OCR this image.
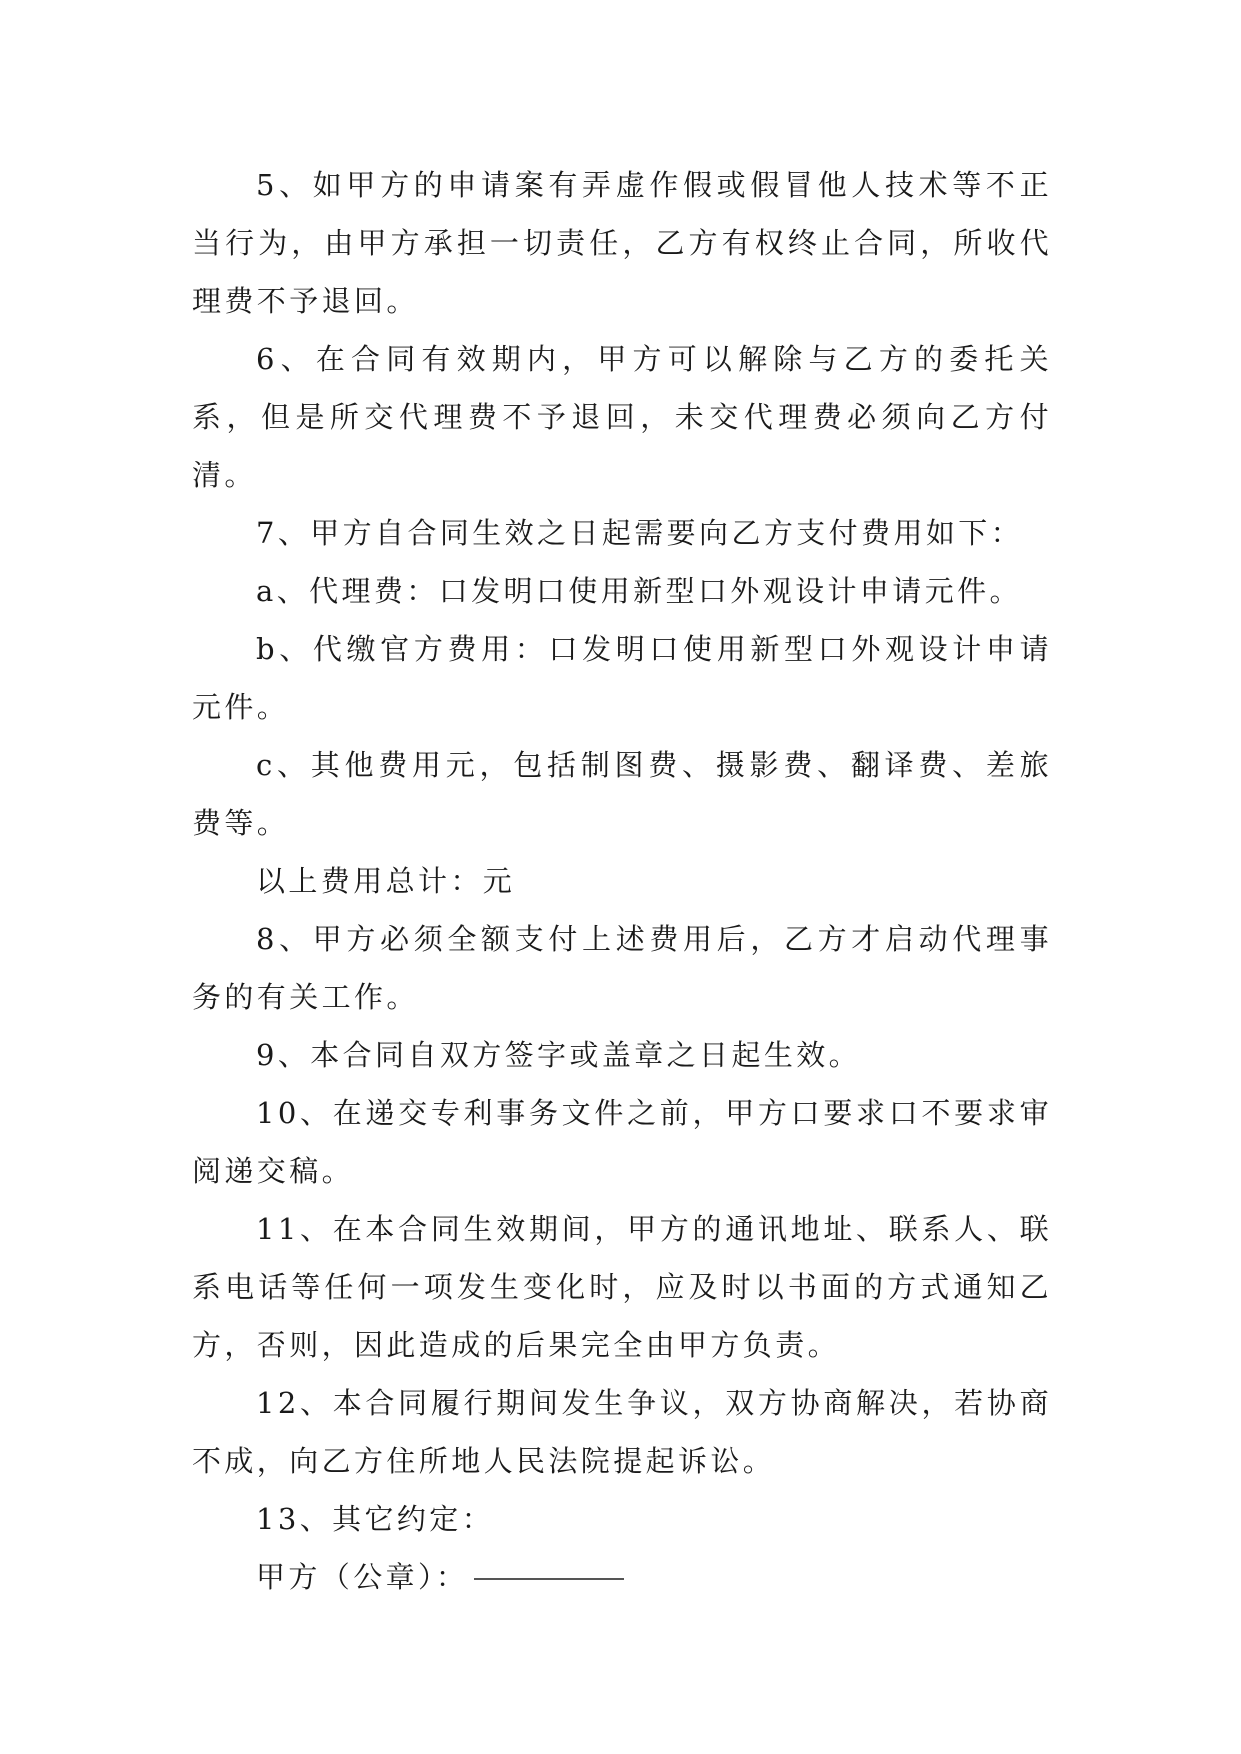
5、如甲方的申请案有弄虚作假或假冒他人技术等不正当行为，由甲方承担一切责任，乙方有权终止合同，所收代理费不予退回。

6、在合同有效期内，甲方可以解除与乙方的委托关系，但是所交代理费不予退回，未交代理费必须向乙方付清。

7、甲方自合同生效之日起需要向乙方支付费用如下：

a、代理费：口发明口使用新型口外观设计申请元件。

b、代缴官方费用：口发明口使用新型口外观设计申请元件。

c、其他费用元，包括制图费、摄影费、翻译费、差旅费等。

以上费用总计：元

8、甲方必须全额支付上述费用后，乙方才启动代理事务的有关工作。

9、本合同自双方签字或盖章之日起生效。

10、在递交专利事务文件之前，甲方口要求口不要求审阅递交稿。

11、在本合同生效期间，甲方的通讯地址、联系人、联系电话等任何一项发生变化时，应及时以书面的方式通知乙方，否则，因此造成的后果完全由甲方负责。

12、本合同履行期间发生争议，双方协商解决，若协商不成，向乙方住所地人民法院提起诉讼。

13、其它约定：

甲方（公章）：
